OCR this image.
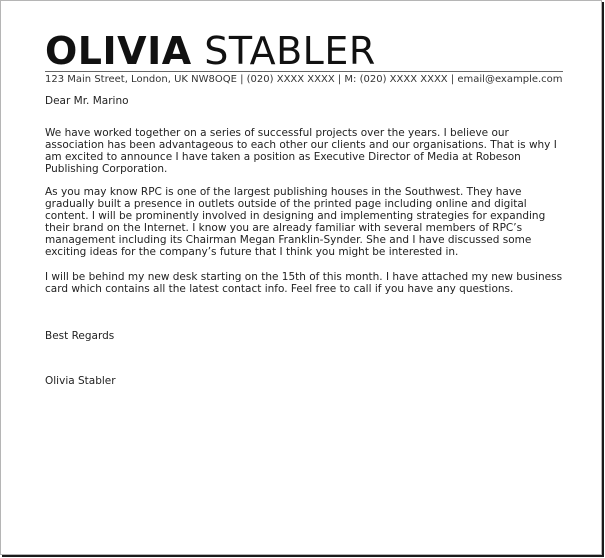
OLIVIA STABLER
123 Main Street, London, UK NW8OQE | (020) XXXX XXXX | M: (020) XXXX XXXX | email@example.com
Dear Mr. Marino

We have worked together on a series of successful projects over the years. I believe our association has been advantageous to each other our clients and our organisations. That is why I am excited to announce I have taken a position as Executive Director of Media at Robeson Publishing Corporation.

As you may know RPC is one of the largest publishing houses in the Southwest. They have gradually built a presence in outlets outside of the printed page including online and digital content. I will be prominently involved in designing and implementing strategies for expanding their brand on the Internet. I know you are already familiar with several members of RPC’s management including its Chairman Megan Franklin-Synder. She and I have discussed some exciting ideas for the company’s future that I think you might be interested in.

I will be behind my new desk starting on the 15th of this month. I have attached my new business card which contains all the latest contact info. Feel free to call if you have any questions.

Best Regards
Olivia Stabler
